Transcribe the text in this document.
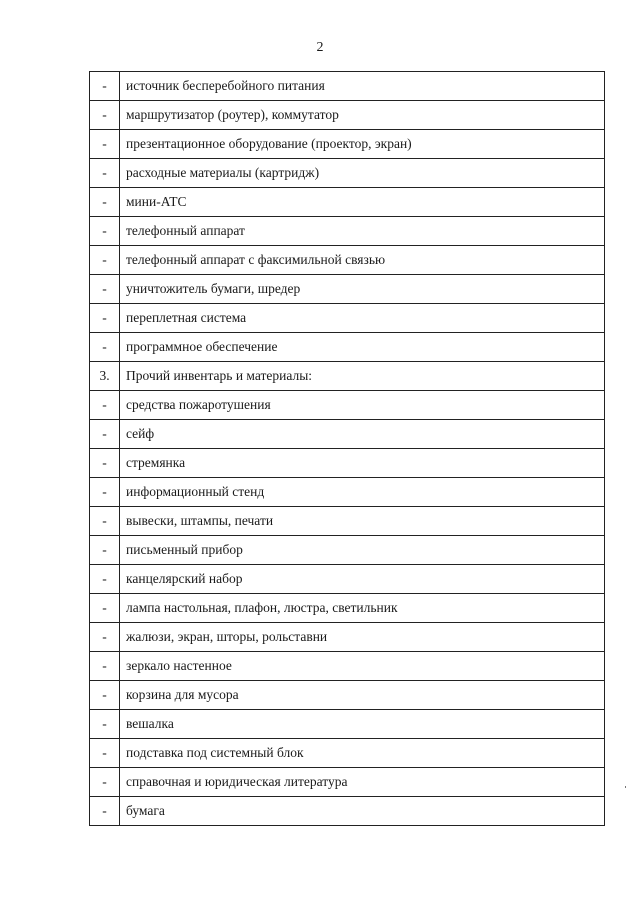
2
-	источник бесперебойного питания
-	маршрутизатор (роутер), коммутатор
-	презентационное оборудование (проектор, экран)
-	расходные материалы (картридж)
-	мини-АТС
-	телефонный аппарат
-	телефонный аппарат с факсимильной связью
-	уничтожитель бумаги, шредер
-	переплетная система
-	программное обеспечение
3.	Прочий инвентарь и материалы:
-	средства пожаротушения
-	сейф
-	стремянка
-	информационный стенд
-	вывески, штампы, печати
-	письменный прибор
-	канцелярский набор
-	лампа настольная, плафон, люстра, светильник
-	жалюзи, экран, шторы, рольставни
-	зеркало настенное
-	корзина для мусора
-	вешалка
-	подставка под системный блок
-	справочная и юридическая литература
-	бумага
